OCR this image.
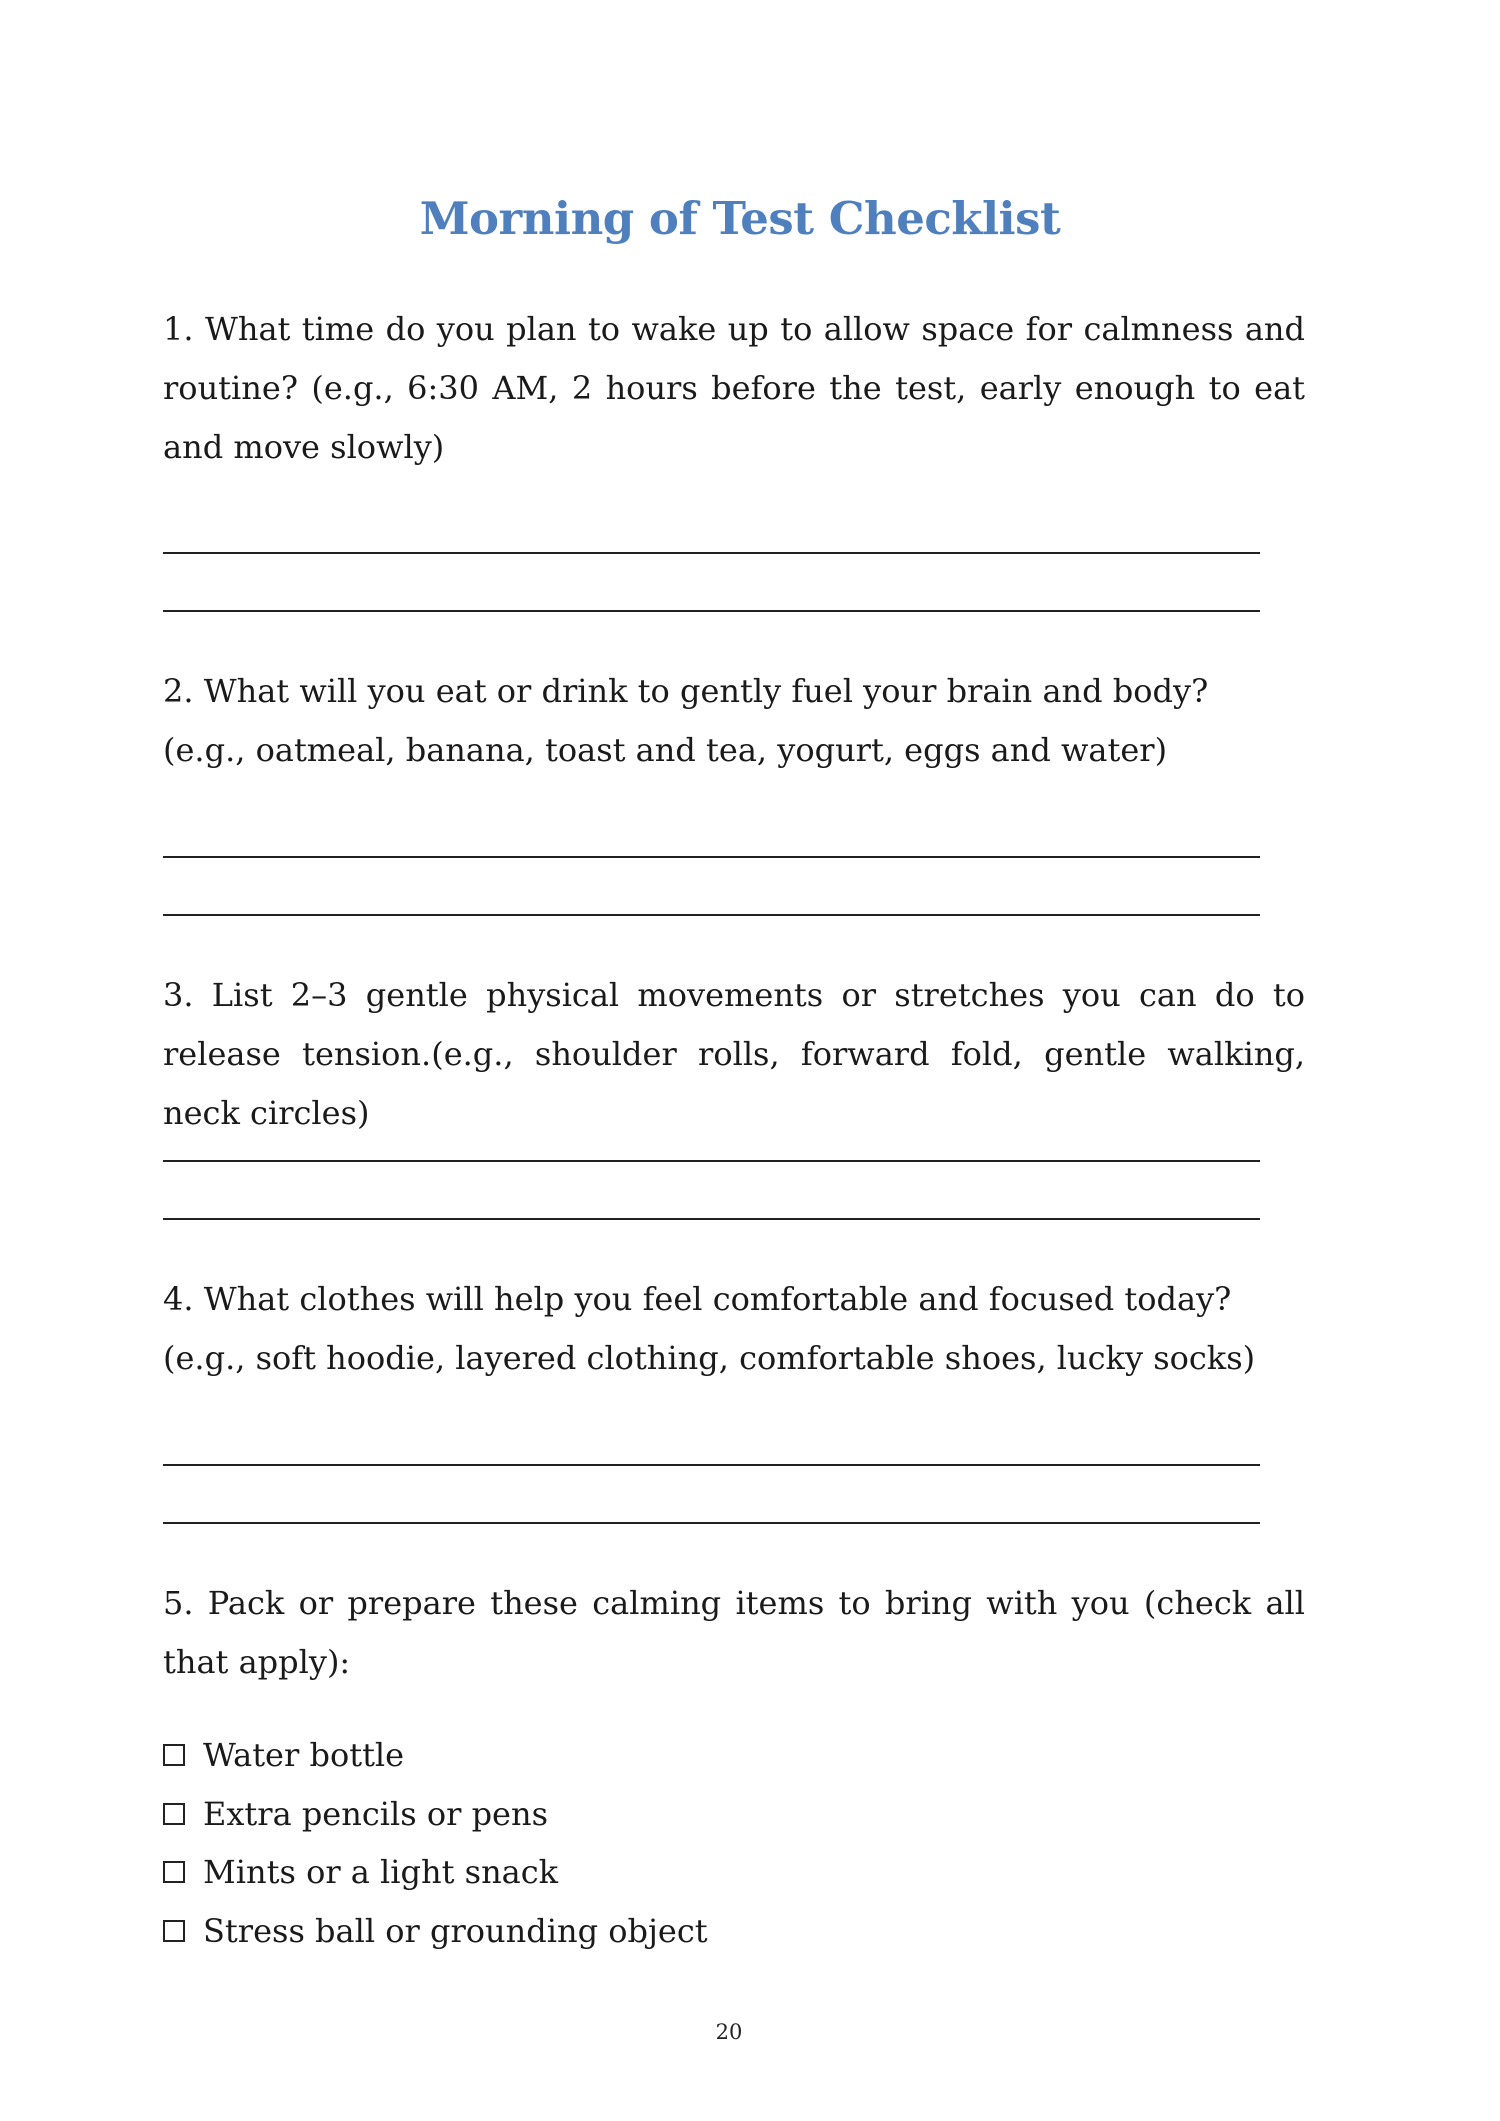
Morning of Test Checklist

1. What time do you plan to wake up to allow space for calmness and routine? (e.g., 6:30 AM, 2 hours before the test, early enough to eat and move slowly)

2. What will you eat or drink to gently fuel your brain and body?
(e.g., oatmeal, banana, toast and tea, yogurt, eggs and water)

3. List 2–3 gentle physical movements or stretches you can do to release tension.(e.g., shoulder rolls, forward fold, gentle walking, neck circles)

4. What clothes will help you feel comfortable and focused today?
(e.g., soft hoodie, layered clothing, comfortable shoes, lucky socks)

5. Pack or prepare these calming items to bring with you (check all that apply):

Water bottle
Extra pencils or pens
Mints or a light snack
Stress ball or grounding object
20
